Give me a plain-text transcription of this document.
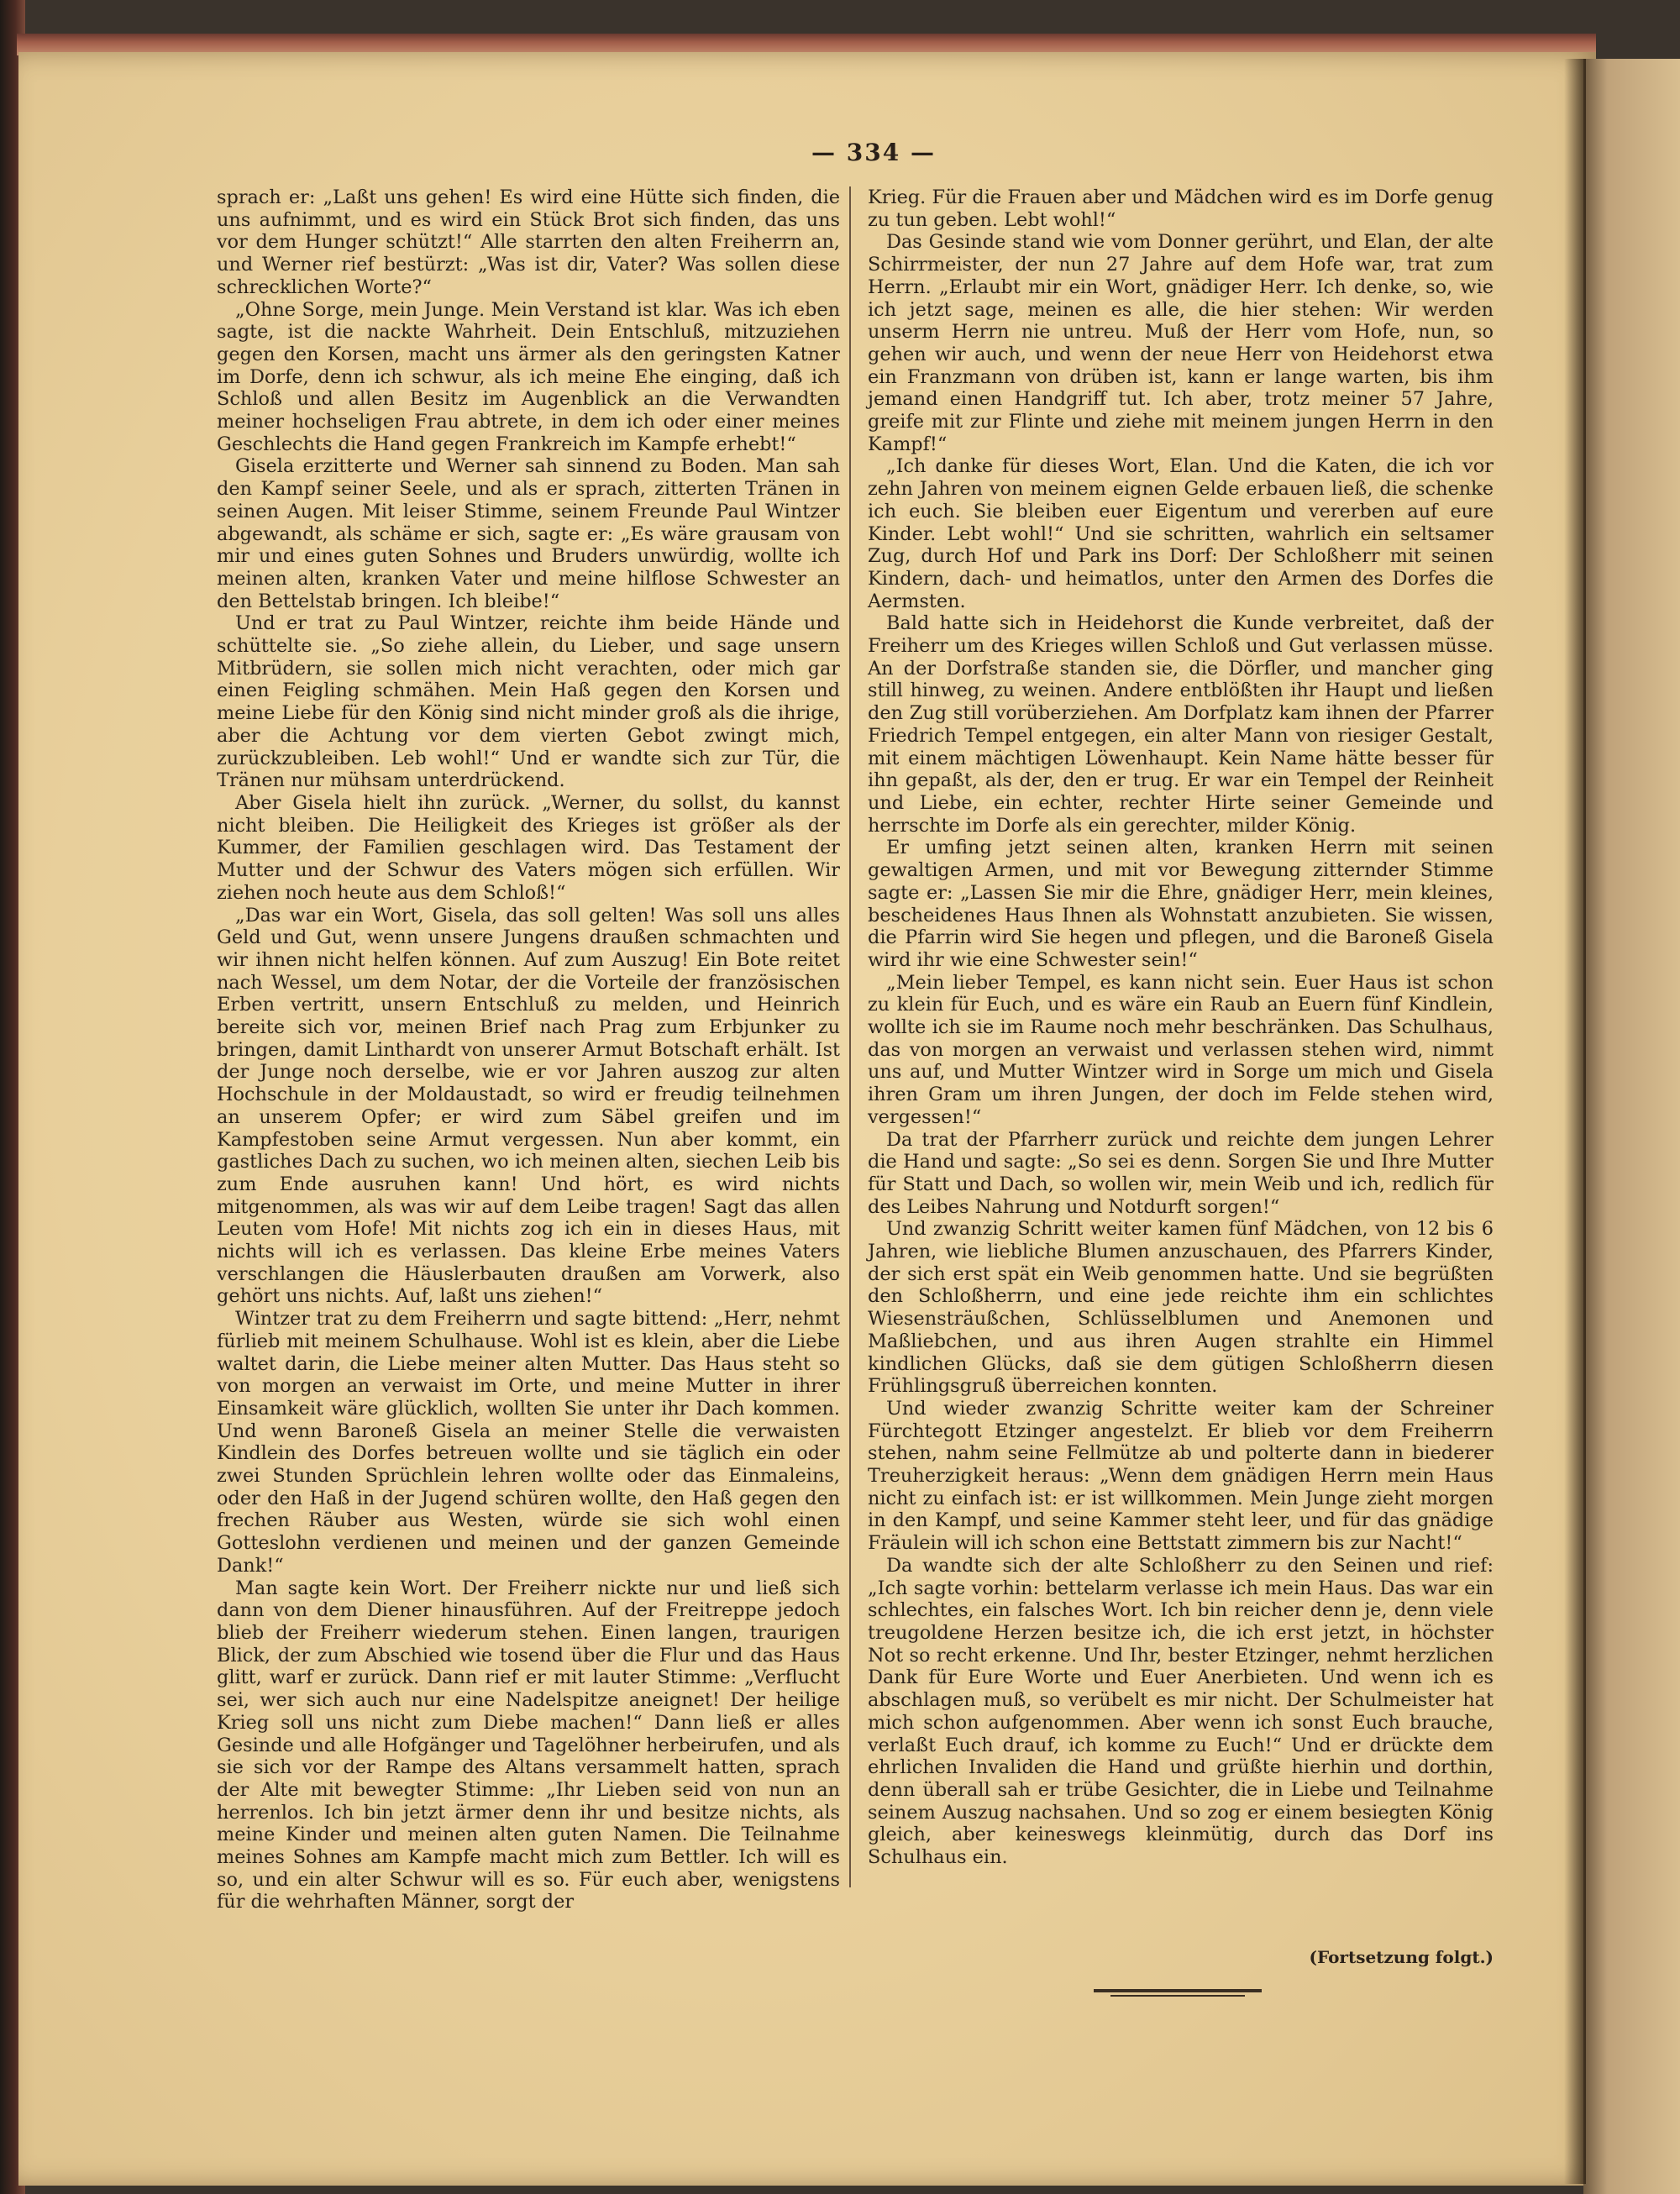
— 334 —

sprach er: „Laßt uns gehen! Es wird eine Hütte sich finden, die uns aufnimmt, und es wird ein Stück Brot sich finden, das uns vor dem Hunger schützt!“ Alle starrten den alten Freiherrn an, und Werner rief bestürzt: „Was ist dir, Vater? Was sollen diese schrecklichen Worte?“

„Ohne Sorge, mein Junge. Mein Verstand ist klar. Was ich eben sagte, ist die nackte Wahrheit. Dein Entschluß, mitzuziehen gegen den Korsen, macht uns ärmer als den geringsten Katner im Dorfe, denn ich schwur, als ich meine Ehe einging, daß ich Schloß und allen Besitz im Augenblick an die Verwandten meiner hochseligen Frau abtrete, in dem ich oder einer meines Geschlechts die Hand gegen Frankreich im Kampfe erhebt!“

Gisela erzitterte und Werner sah sinnend zu Boden. Man sah den Kampf seiner Seele, und als er sprach, zitterten Tränen in seinen Augen. Mit leiser Stimme, seinem Freunde Paul Wintzer abgewandt, als schäme er sich, sagte er: „Es wäre grausam von mir und eines guten Sohnes und Bruders unwürdig, wollte ich meinen alten, kranken Vater und meine hilflose Schwester an den Bettelstab bringen. Ich bleibe!“

Und er trat zu Paul Wintzer, reichte ihm beide Hände und schüttelte sie. „So ziehe allein, du Lieber, und sage unsern Mitbrüdern, sie sollen mich nicht verachten, oder mich gar einen Feigling schmähen. Mein Haß gegen den Korsen und meine Liebe für den König sind nicht minder groß als die ihrige, aber die Achtung vor dem vierten Gebot zwingt mich, zurückzubleiben. Leb wohl!“ Und er wandte sich zur Tür, die Tränen nur mühsam unterdrückend.

Aber Gisela hielt ihn zurück. „Werner, du sollst, du kannst nicht bleiben. Die Heiligkeit des Krieges ist größer als der Kummer, der Familien geschlagen wird. Das Testament der Mutter und der Schwur des Vaters mögen sich erfüllen. Wir ziehen noch heute aus dem Schloß!“

„Das war ein Wort, Gisela, das soll gelten! Was soll uns alles Geld und Gut, wenn unsere Jungens draußen schmachten und wir ihnen nicht helfen können. Auf zum Auszug! Ein Bote reitet nach Wessel, um dem Notar, der die Vorteile der französischen Erben vertritt, unsern Entschluß zu melden, und Heinrich bereite sich vor, meinen Brief nach Prag zum Erbjunker zu bringen, damit Linthardt von unserer Armut Botschaft erhält. Ist der Junge noch derselbe, wie er vor Jahren auszog zur alten Hochschule in der Moldaustadt, so wird er freudig teilnehmen an unserem Opfer; er wird zum Säbel greifen und im Kampfestoben seine Armut vergessen. Nun aber kommt, ein gastliches Dach zu suchen, wo ich meinen alten, siechen Leib bis zum Ende ausruhen kann! Und hört, es wird nichts mitgenommen, als was wir auf dem Leibe tragen! Sagt das allen Leuten vom Hofe! Mit nichts zog ich ein in dieses Haus, mit nichts will ich es verlassen. Das kleine Erbe meines Vaters verschlangen die Häuslerbauten draußen am Vorwerk, also gehört uns nichts. Auf, laßt uns ziehen!“

Wintzer trat zu dem Freiherrn und sagte bittend: „Herr, nehmt fürlieb mit meinem Schulhause. Wohl ist es klein, aber die Liebe waltet darin, die Liebe meiner alten Mutter. Das Haus steht so von morgen an verwaist im Orte, und meine Mutter in ihrer Einsamkeit wäre glücklich, wollten Sie unter ihr Dach kommen. Und wenn Baroneß Gisela an meiner Stelle die verwaisten Kindlein des Dorfes betreuen wollte und sie täglich ein oder zwei Stunden Sprüchlein lehren wollte oder das Einmaleins, oder den Haß in der Jugend schüren wollte, den Haß gegen den frechen Räuber aus Westen, würde sie sich wohl einen Gotteslohn verdienen und meinen und der ganzen Gemeinde Dank!“

Man sagte kein Wort. Der Freiherr nickte nur und ließ sich dann von dem Diener hinausführen. Auf der Freitreppe jedoch blieb der Freiherr wiederum stehen. Einen langen, traurigen Blick, der zum Abschied wie tosend über die Flur und das Haus glitt, warf er zurück. Dann rief er mit lauter Stimme: „Verflucht sei, wer sich auch nur eine Nadelspitze aneignet! Der heilige Krieg soll uns nicht zum Diebe machen!“ Dann ließ er alles Gesinde und alle Hofgänger und Tagelöhner herbeirufen, und als sie sich vor der Rampe des Altans versammelt hatten, sprach der Alte mit bewegter Stimme: „Ihr Lieben seid von nun an herrenlos. Ich bin jetzt ärmer denn ihr und besitze nichts, als meine Kinder und meinen alten guten Namen. Die Teilnahme meines Sohnes am Kampfe macht mich zum Bettler. Ich will es so, und ein alter Schwur will es so. Für euch aber, wenigstens für die wehrhaften Männer, sorgt der

Krieg. Für die Frauen aber und Mädchen wird es im Dorfe genug zu tun geben. Lebt wohl!“

Das Gesinde stand wie vom Donner gerührt, und Elan, der alte Schirrmeister, der nun 27 Jahre auf dem Hofe war, trat zum Herrn. „Erlaubt mir ein Wort, gnädiger Herr. Ich denke, so, wie ich jetzt sage, meinen es alle, die hier stehen: Wir werden unserm Herrn nie untreu. Muß der Herr vom Hofe, nun, so gehen wir auch, und wenn der neue Herr von Heidehorst etwa ein Franzmann von drüben ist, kann er lange warten, bis ihm jemand einen Handgriff tut. Ich aber, trotz meiner 57 Jahre, greife mit zur Flinte und ziehe mit meinem jungen Herrn in den Kampf!“

„Ich danke für dieses Wort, Elan. Und die Katen, die ich vor zehn Jahren von meinem eignen Gelde erbauen ließ, die schenke ich euch. Sie bleiben euer Eigentum und vererben auf eure Kinder. Lebt wohl!“ Und sie schritten, wahrlich ein seltsamer Zug, durch Hof und Park ins Dorf: Der Schloßherr mit seinen Kindern, dach- und heimatlos, unter den Armen des Dorfes die Aermsten.

Bald hatte sich in Heidehorst die Kunde verbreitet, daß der Freiherr um des Krieges willen Schloß und Gut verlassen müsse. An der Dorfstraße standen sie, die Dörfler, und mancher ging still hinweg, zu weinen. Andere entblößten ihr Haupt und ließen den Zug still vorüberziehen. Am Dorfplatz kam ihnen der Pfarrer Friedrich Tempel entgegen, ein alter Mann von riesiger Gestalt, mit einem mächtigen Löwenhaupt. Kein Name hätte besser für ihn gepaßt, als der, den er trug. Er war ein Tempel der Reinheit und Liebe, ein echter, rechter Hirte seiner Gemeinde und herrschte im Dorfe als ein gerechter, milder König.

Er umfing jetzt seinen alten, kranken Herrn mit seinen gewaltigen Armen, und mit vor Bewegung zitternder Stimme sagte er: „Lassen Sie mir die Ehre, gnädiger Herr, mein kleines, bescheidenes Haus Ihnen als Wohnstatt anzubieten. Sie wissen, die Pfarrin wird Sie hegen und pflegen, und die Baroneß Gisela wird ihr wie eine Schwester sein!“

„Mein lieber Tempel, es kann nicht sein. Euer Haus ist schon zu klein für Euch, und es wäre ein Raub an Euern fünf Kindlein, wollte ich sie im Raume noch mehr beschränken. Das Schulhaus, das von morgen an verwaist und verlassen stehen wird, nimmt uns auf, und Mutter Wintzer wird in Sorge um mich und Gisela ihren Gram um ihren Jungen, der doch im Felde stehen wird, vergessen!“

Da trat der Pfarrherr zurück und reichte dem jungen Lehrer die Hand und sagte: „So sei es denn. Sorgen Sie und Ihre Mutter für Statt und Dach, so wollen wir, mein Weib und ich, redlich für des Leibes Nahrung und Notdurft sorgen!“

Und zwanzig Schritt weiter kamen fünf Mädchen, von 12 bis 6 Jahren, wie liebliche Blumen anzuschauen, des Pfarrers Kinder, der sich erst spät ein Weib genommen hatte. Und sie begrüßten den Schloßherrn, und eine jede reichte ihm ein schlichtes Wiesensträußchen, Schlüsselblumen und Anemonen und Maßliebchen, und aus ihren Augen strahlte ein Himmel kindlichen Glücks, daß sie dem gütigen Schloßherrn diesen Frühlingsgruß überreichen konnten.

Und wieder zwanzig Schritte weiter kam der Schreiner Fürchtegott Etzinger angestelzt. Er blieb vor dem Freiherrn stehen, nahm seine Fellmütze ab und polterte dann in biederer Treuherzigkeit heraus: „Wenn dem gnädigen Herrn mein Haus nicht zu einfach ist: er ist willkommen. Mein Junge zieht morgen in den Kampf, und seine Kammer steht leer, und für das gnädige Fräulein will ich schon eine Bettstatt zimmern bis zur Nacht!“

Da wandte sich der alte Schloßherr zu den Seinen und rief: „Ich sagte vorhin: bettelarm verlasse ich mein Haus. Das war ein schlechtes, ein falsches Wort. Ich bin reicher denn je, denn viele treugoldene Herzen besitze ich, die ich erst jetzt, in höchster Not so recht erkenne. Und Ihr, bester Etzinger, nehmt herzlichen Dank für Eure Worte und Euer Anerbieten. Und wenn ich es abschlagen muß, so verübelt es mir nicht. Der Schulmeister hat mich schon aufgenommen. Aber wenn ich sonst Euch brauche, verlaßt Euch drauf, ich komme zu Euch!“ Und er drückte dem ehrlichen Invaliden die Hand und grüßte hierhin und dorthin, denn überall sah er trübe Gesichter, die in Liebe und Teilnahme seinem Auszug nachsahen. Und so zog er einem besiegten König gleich, aber keineswegs kleinmütig, durch das Dorf ins Schulhaus ein.

(Fortsetzung folgt.)
